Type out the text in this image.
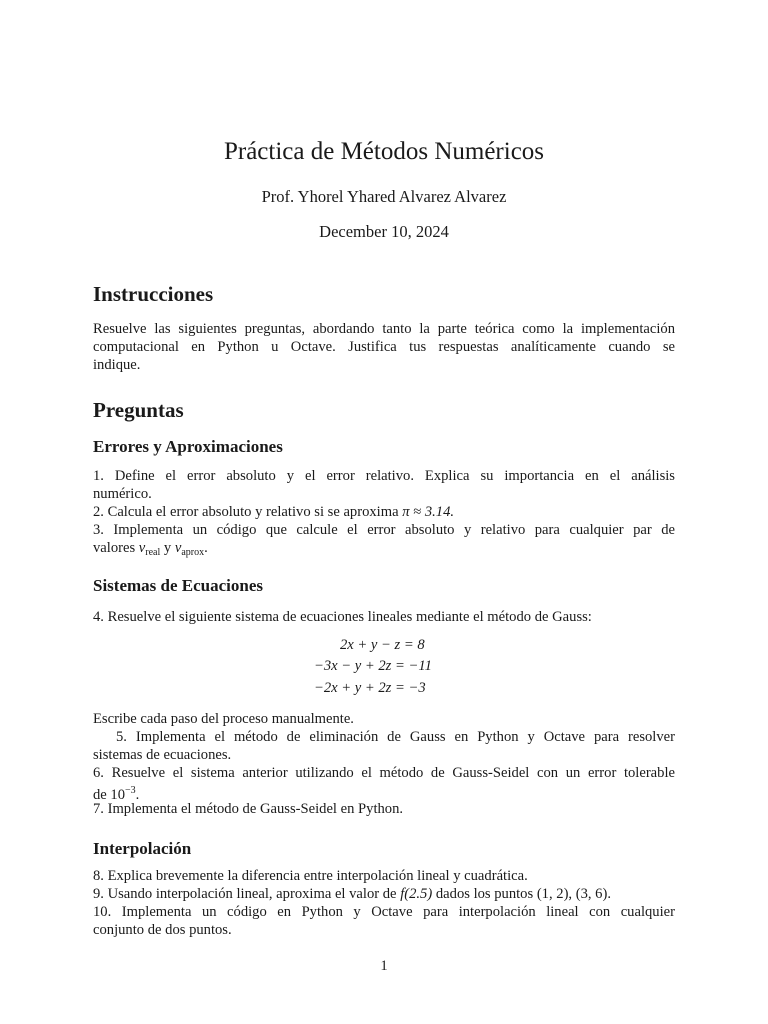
Práctica de Métodos Numéricos
Prof. Yhorel Yhared Alvarez Alvarez
December 10, 2024
Instrucciones
Resuelve las siguientes preguntas, abordando tanto la parte teórica como la implementación
computacional en Python u Octave. Justifica tus respuestas analíticamente cuando se
indique.
Preguntas
Errores y Aproximaciones
1. Define el error absoluto y el error relativo. Explica su importancia en el análisis
numérico.
2. Calcula el error absoluto y relativo si se aproxima π ≈ 3.14.
3. Implementa un código que calcule el error absoluto y relativo para cualquier par de
valores $v_{real}$ y $v_{aprox}$.
Sistemas de Ecuaciones
4. Resuelve el siguiente sistema de ecuaciones lineales mediante el método de Gauss:
2x + y − z = 8
−3x − y + 2z = −11
−2x + y + 2z = −3
Escribe cada paso del proceso manualmente.
5. Implementa el método de eliminación de Gauss en Python y Octave para resolver
sistemas de ecuaciones.
6. Resuelve el sistema anterior utilizando el método de Gauss-Seidel con un error tolerable
de $10^{-3}$.
7. Implementa el método de Gauss-Seidel en Python.
Interpolación
8. Explica brevemente la diferencia entre interpolación lineal y cuadrática.
9. Usando interpolación lineal, aproxima el valor de f(2.5) dados los puntos (1, 2), (3, 6).
10. Implementa un código en Python y Octave para interpolación lineal con cualquier
conjunto de dos puntos.
1
